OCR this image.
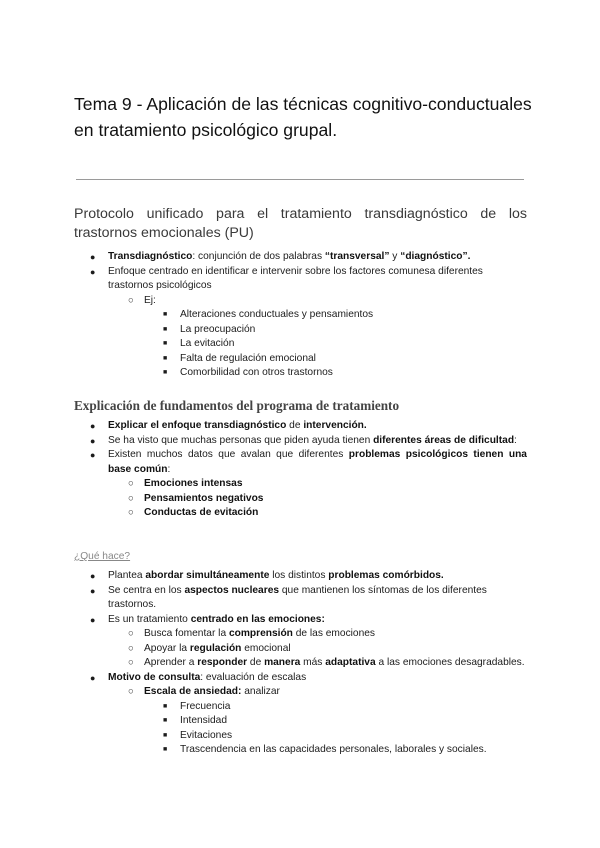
Tema 9 - Aplicación de las técnicas cognitivo-conductuales en tratamiento psicológico grupal.
Protocolo unificado para el tratamiento transdiagnóstico de los trastornos emocionales (PU)
● Transdiagnóstico: conjunción de dos palabras “transversal” y “diagnóstico”.
● Enfoque centrado en identificar e intervenir sobre los factores comunesa diferentes trastornos psicológicos
○ Ej:
■ Alteraciones conductuales y pensamientos
■ La preocupación
■ La evitación
■ Falta de regulación emocional
■ Comorbilidad con otros trastornos
Explicación de fundamentos del programa de tratamiento
● Explicar el enfoque transdiagnóstico de intervención.
● Se ha visto que muchas personas que piden ayuda tienen diferentes áreas de dificultad:
● Existen muchos datos que avalan que diferentes problemas psicológicos tienen una base común:
○ Emociones intensas
○ Pensamientos negativos
○ Conductas de evitación
¿Qué hace?
● Plantea abordar simultáneamente los distintos problemas comórbidos.
● Se centra en los aspectos nucleares que mantienen los síntomas de los diferentes trastornos.
● Es un tratamiento centrado en las emociones:
○ Busca fomentar la comprensión de las emociones
○ Apoyar la regulación emocional
○ Aprender a responder de manera más adaptativa a las emociones desagradables.
● Motivo de consulta: evaluación de escalas
○ Escala de ansiedad: analizar
■ Frecuencia
■ Intensidad
■ Evitaciones
■ Trascendencia en las capacidades personales, laborales y sociales.
